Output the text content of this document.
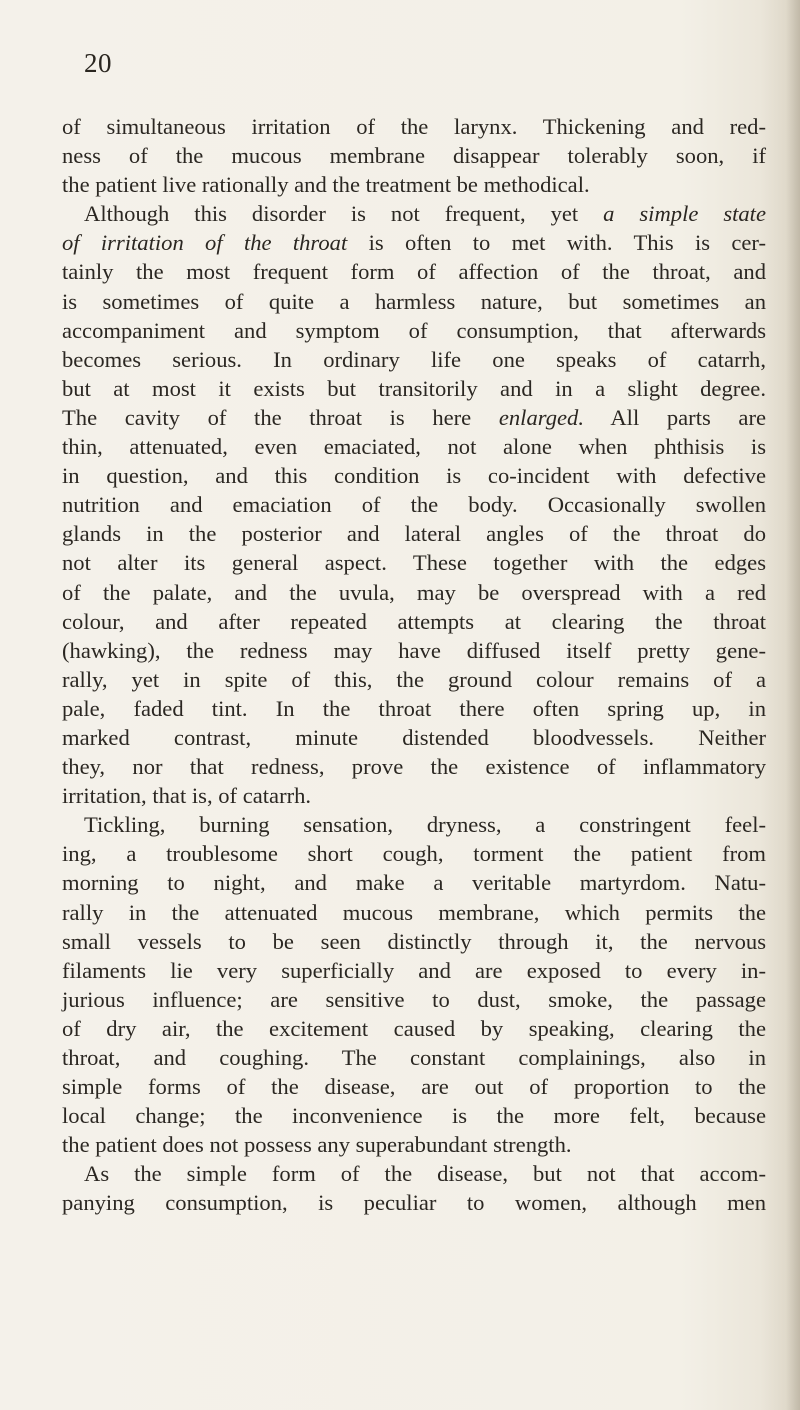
20
of simultaneous irritation of the larynx. Thickening and red-
ness of the mucous membrane disappear tolerably soon, if
the patient live rationally and the treatment be methodical.
Although this disorder is not frequent, yet a simple state
of irritation of the throat is often to met with. This is cer-
tainly the most frequent form of affection of the throat, and
is sometimes of quite a harmless nature, but sometimes an
accompaniment and symptom of consumption, that afterwards
becomes serious. In ordinary life one speaks of catarrh,
but at most it exists but transitorily and in a slight degree.
The cavity of the throat is here enlarged. All parts are
thin, attenuated, even emaciated, not alone when phthisis is
in question, and this condition is co-incident with defective
nutrition and emaciation of the body. Occasionally swollen
glands in the posterior and lateral angles of the throat do
not alter its general aspect. These together with the edges
of the palate, and the uvula, may be overspread with a red
colour, and after repeated attempts at clearing the throat
(hawking), the redness may have diffused itself pretty gene-
rally, yet in spite of this, the ground colour remains of a
pale, faded tint. In the throat there often spring up, in
marked contrast, minute distended bloodvessels. Neither
they, nor that redness, prove the existence of inflammatory
irritation, that is, of catarrh.
Tickling, burning sensation, dryness, a constringent feel-
ing, a troublesome short cough, torment the patient from
morning to night, and make a veritable martyrdom. Natu-
rally in the attenuated mucous membrane, which permits the
small vessels to be seen distinctly through it, the nervous
filaments lie very superficially and are exposed to every in-
jurious influence; are sensitive to dust, smoke, the passage
of dry air, the excitement caused by speaking, clearing the
throat, and coughing. The constant complainings, also in
simple forms of the disease, are out of proportion to the
local change; the inconvenience is the more felt, because
the patient does not possess any superabundant strength.
As the simple form of the disease, but not that accom-
panying consumption, is peculiar to women, although men
